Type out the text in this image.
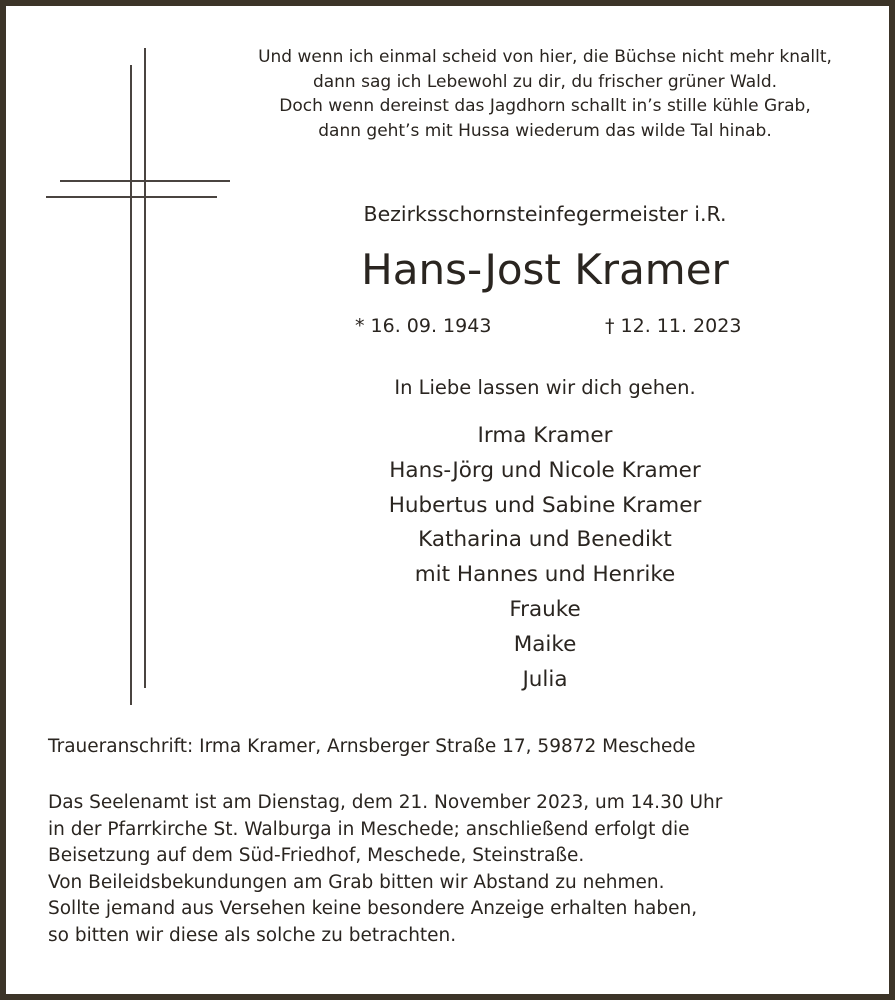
Und wenn ich einmal scheid von hier, die Büchse nicht mehr knallt,
dann sag ich Lebewohl zu dir, du frischer grüner Wald.
Doch wenn dereinst das Jagdhorn schallt in’s stille kühle Grab,
dann geht’s mit Hussa wiederum das wilde Tal hinab.
Bezirksschornsteinfegermeister i.R.
Hans-Jost Kramer
* 16. 09. 1943	† 12. 11. 2023
In Liebe lassen wir dich gehen.
Irma Kramer
Hans-Jörg und Nicole Kramer
Hubertus und Sabine Kramer
Katharina und Benedikt
mit Hannes und Henrike
Frauke
Maike
Julia
Traueranschrift: Irma Kramer, Arnsberger Straße 17, 59872 Meschede
Das Seelenamt ist am Dienstag, dem 21. November 2023, um 14.30 Uhr
in der Pfarrkirche St. Walburga in Meschede; anschließend erfolgt die
Beisetzung auf dem Süd-Friedhof, Meschede, Steinstraße.
Von Beileidsbekundungen am Grab bitten wir Abstand zu nehmen.
Sollte jemand aus Versehen keine besondere Anzeige erhalten haben,
so bitten wir diese als solche zu betrachten.
